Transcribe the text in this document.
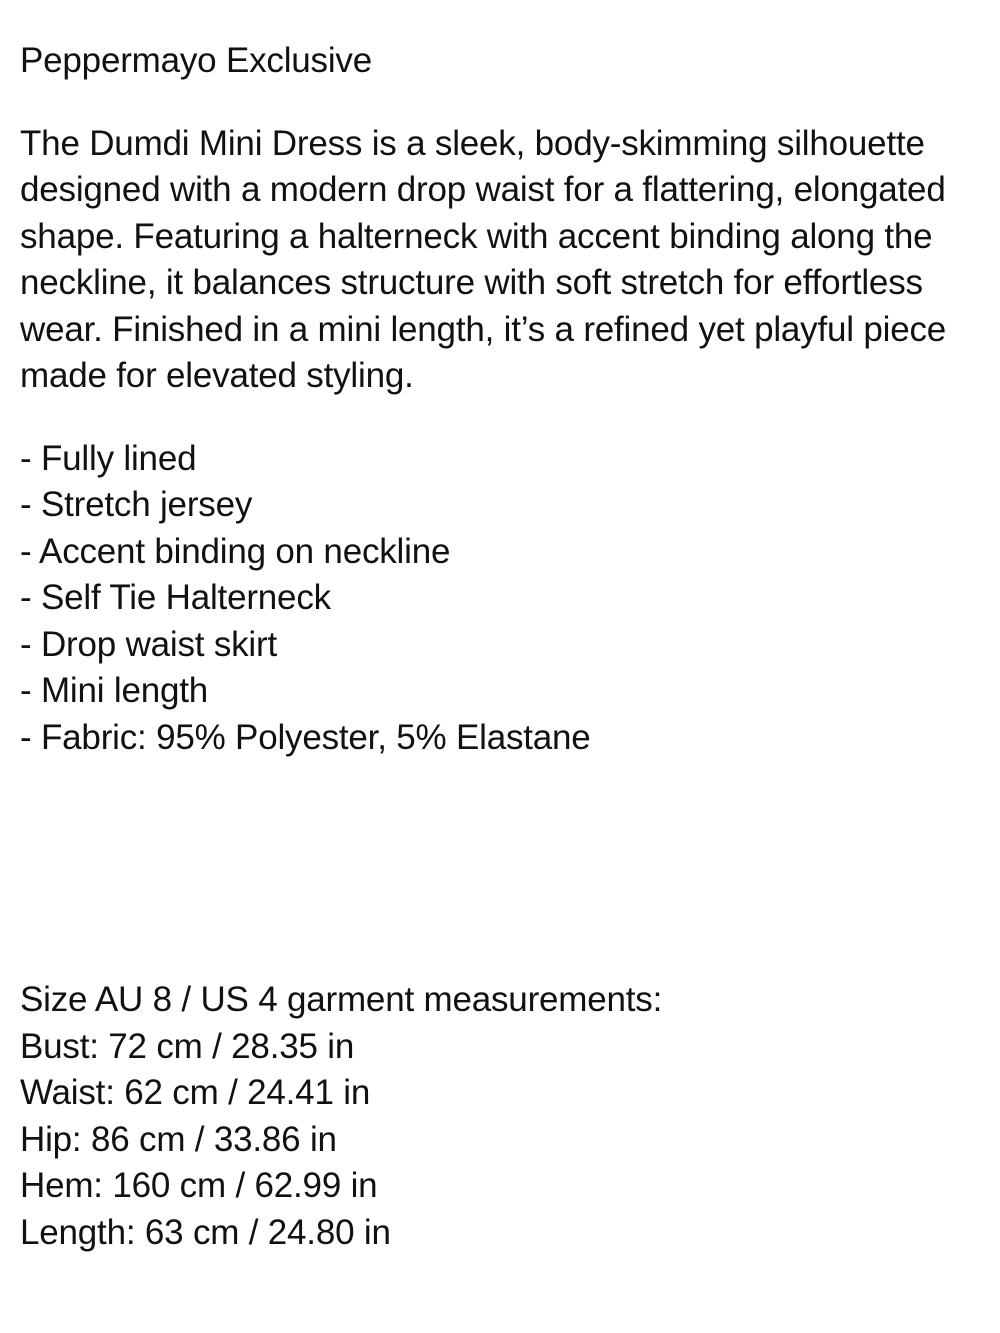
Peppermayo Exclusive

The Dumdi Mini Dress is a sleek, body-skimming silhouette designed with a modern drop waist for a flattering, elongated shape. Featuring a halterneck with accent binding along the neckline, it balances structure with soft stretch for effortless wear. Finished in a mini length, it’s a refined yet playful piece made for elevated styling.

- Fully lined
- Stretch jersey
- Accent binding on neckline
- Self Tie Halterneck
- Drop waist skirt
- Mini length
- Fabric: 95% Polyester, 5% Elastane
Size AU 8 / US 4 garment measurements:
Bust: 72 cm / 28.35 in
Waist: 62 cm / 24.41 in
Hip: 86 cm / 33.86 in
Hem: 160 cm / 62.99 in
Length: 63 cm / 24.80 in
